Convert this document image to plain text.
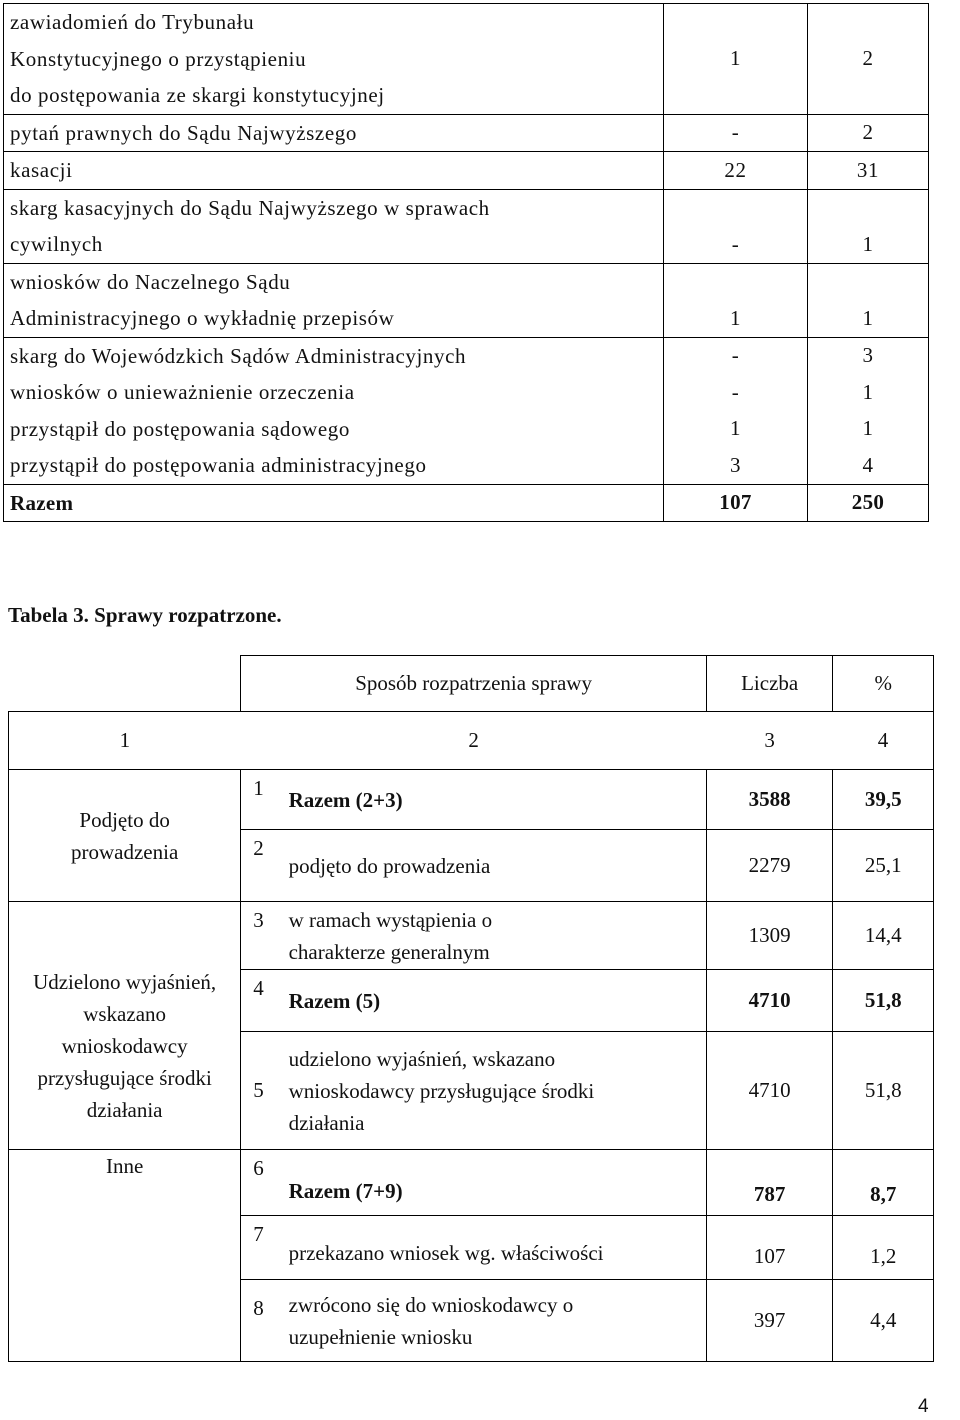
zawiadomień do Trybunału
Konstytucyjnego o przystąpieniu
do postępowania ze skargi konstytucyjnej	1	2
pytań prawnych do Sądu Najwyższego	-	2
kasacji	22	31

skarg kasacyjnych do Sądu Najwyższego w sprawach
cywilnych	-	1

wniosków do Naczelnego Sądu
Administracyjnego o wykładnię przepisów	1	1
skarg do Wojewódzkich Sądów Administracyjnych	-	3
wniosków o unieważnienie orzeczenia	-	1
przystąpił do postępowania sądowego	1	1
przystąpił do postępowania administracyjnego	3	4
Razem	107	250

Tabela 3. Sprawy rozpatrzone.

	Sposób rozpatrzenia sprawy		Liczba	%
1	2		3	4

Podjęto do
prowadzenia	1	Razem (2+3)	3588	39,5
	2	podjęto do prowadzenia	2279	25,1

Udzielono wyjaśnień,
wskazano
wnioskodawcy
przysługujące środki
działania	3	w ramach wystąpienia o charakterze generalnym	1309	14,4
	4	Razem (5)	4710	51,8
	5	udzielono wyjaśnień, wskazano wnioskodawcy przysługujące środki działania	4710	51,8
Inne	6	Razem (7+9)	787	8,7
	7	przekazano wniosek wg. właściwości	107	1,2
	8	zwrócono się do wnioskodawcy o uzupełnienie wniosku	397	4,4
4
